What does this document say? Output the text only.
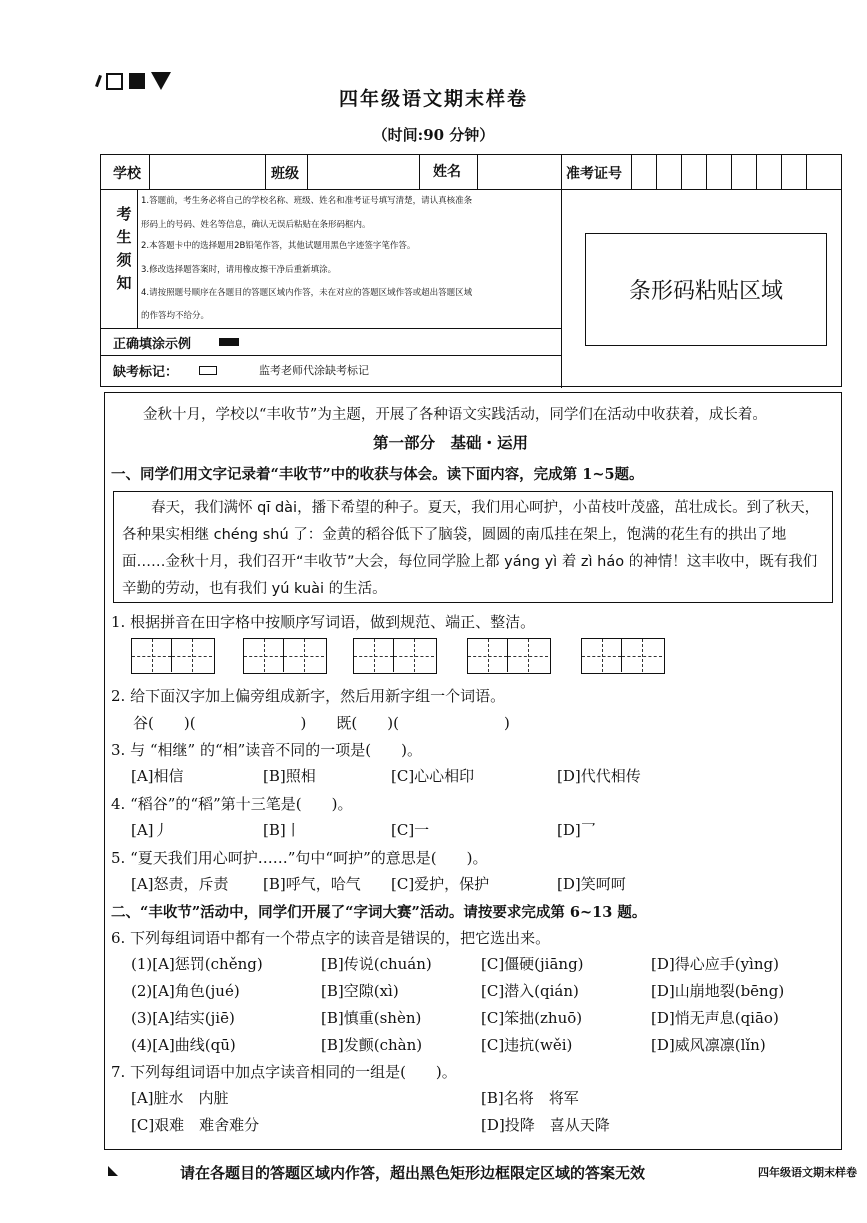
四年级语文期末样卷
（时间:90 分钟）
学校	班级	姓名	准考证号
考生须知
1.答题前，考生务必将自己的学校名称、班级、姓名和准考证号填写清楚，请认真核准条
形码上的号码、姓名等信息，确认无误后粘贴在条形码框内。
2.本答题卡中的选择题用2B铅笔作答，其他试题用黑色字迹签字笔作答。
3.修改选择题答案时，请用橡皮擦干净后重新填涂。
4.请按照题号顺序在各题目的答题区域内作答，未在对应的答题区域作答或超出答题区域
的作答均不给分。
正确填涂示例
缺考标记：	监考老师代涂缺考标记
条形码粘贴区域
金秋十月，学校以“丰收节”为主题，开展了各种语文实践活动，同学们在活动中收获着，成长着。
第一部分　基础・运用
一、同学们用文字记录着“丰收节”中的收获与体会。读下面内容，完成第 1~5题。

春天，我们满怀 qī dài，播下希望的种子。夏天，我们用心呵护，小苗枝叶茂盛，茁壮成长。到了秋天，各种果实相继 chéng shú 了：金黄的稻谷低下了脑袋，圆圆的南瓜挂在架上，饱满的花生有的拱出了地面……金秋十月，我们召开“丰收节”大会，每位同学脸上都 yáng yì 着 zì háo 的神情！这丰收中，既有我们辛勤的劳动，也有我们 yú kuài 的生活。

1. 根据拼音在田字格中按顺序写词语，做到规范、端正、整洁。
2. 给下面汉字加上偏旁组成新字，然后用新字组一个词语。
谷(　　)(　　　　　　　)　　既(　　)(　　　　　　　)
3. 与 “相继” 的“相”读音不同的一项是(　　)。
[A]相信	[B]照相	[C]心心相印	[D]代代相传
4. “稻谷”的“稻”第十三笔是(　　)。
[A]丿	[B]丨	[C]一	[D]乛
5. “夏天我们用心呵护……”句中“呵护”的意思是(　　)。
[A]怒责，斥责 [B]呼气，哈气 [C]爱护，保护	[D]笑呵呵
二、“丰收节”活动中，同学们开展了“字词大赛”活动。请按要求完成第 6~13 题。
6. 下列每组词语中都有一个带点字的读音是错误的，把它选出来。
(1)[A]惩罚(chěng)	[B]传说(chuán)	[C]僵硬(jiāng)	[D]得心应手(yìng)
(2)[A]角色(jué)	[B]空隙(xì)	[C]潜入(qián)	[D]山崩地裂(bēng)
(3)[A]结实(jiē)	[B]慎重(shèn)	[C]笨拙(zhuō)	[D]悄无声息(qiāo)
(4)[A]曲线(qū)	[B]发颤(chàn)	[C]违抗(wěi)	[D]威风凛凛(lǐn)
7. 下列每组词语中加点字读音相同的一组是(　　)。
[A]脏水　内脏	[B]名将　将军
[C]艰难　难舍难分	[D]投降　喜从天降
请在各题目的答题区域内作答，超出黑色矩形边框限定区域的答案无效	四年级语文期末样卷
